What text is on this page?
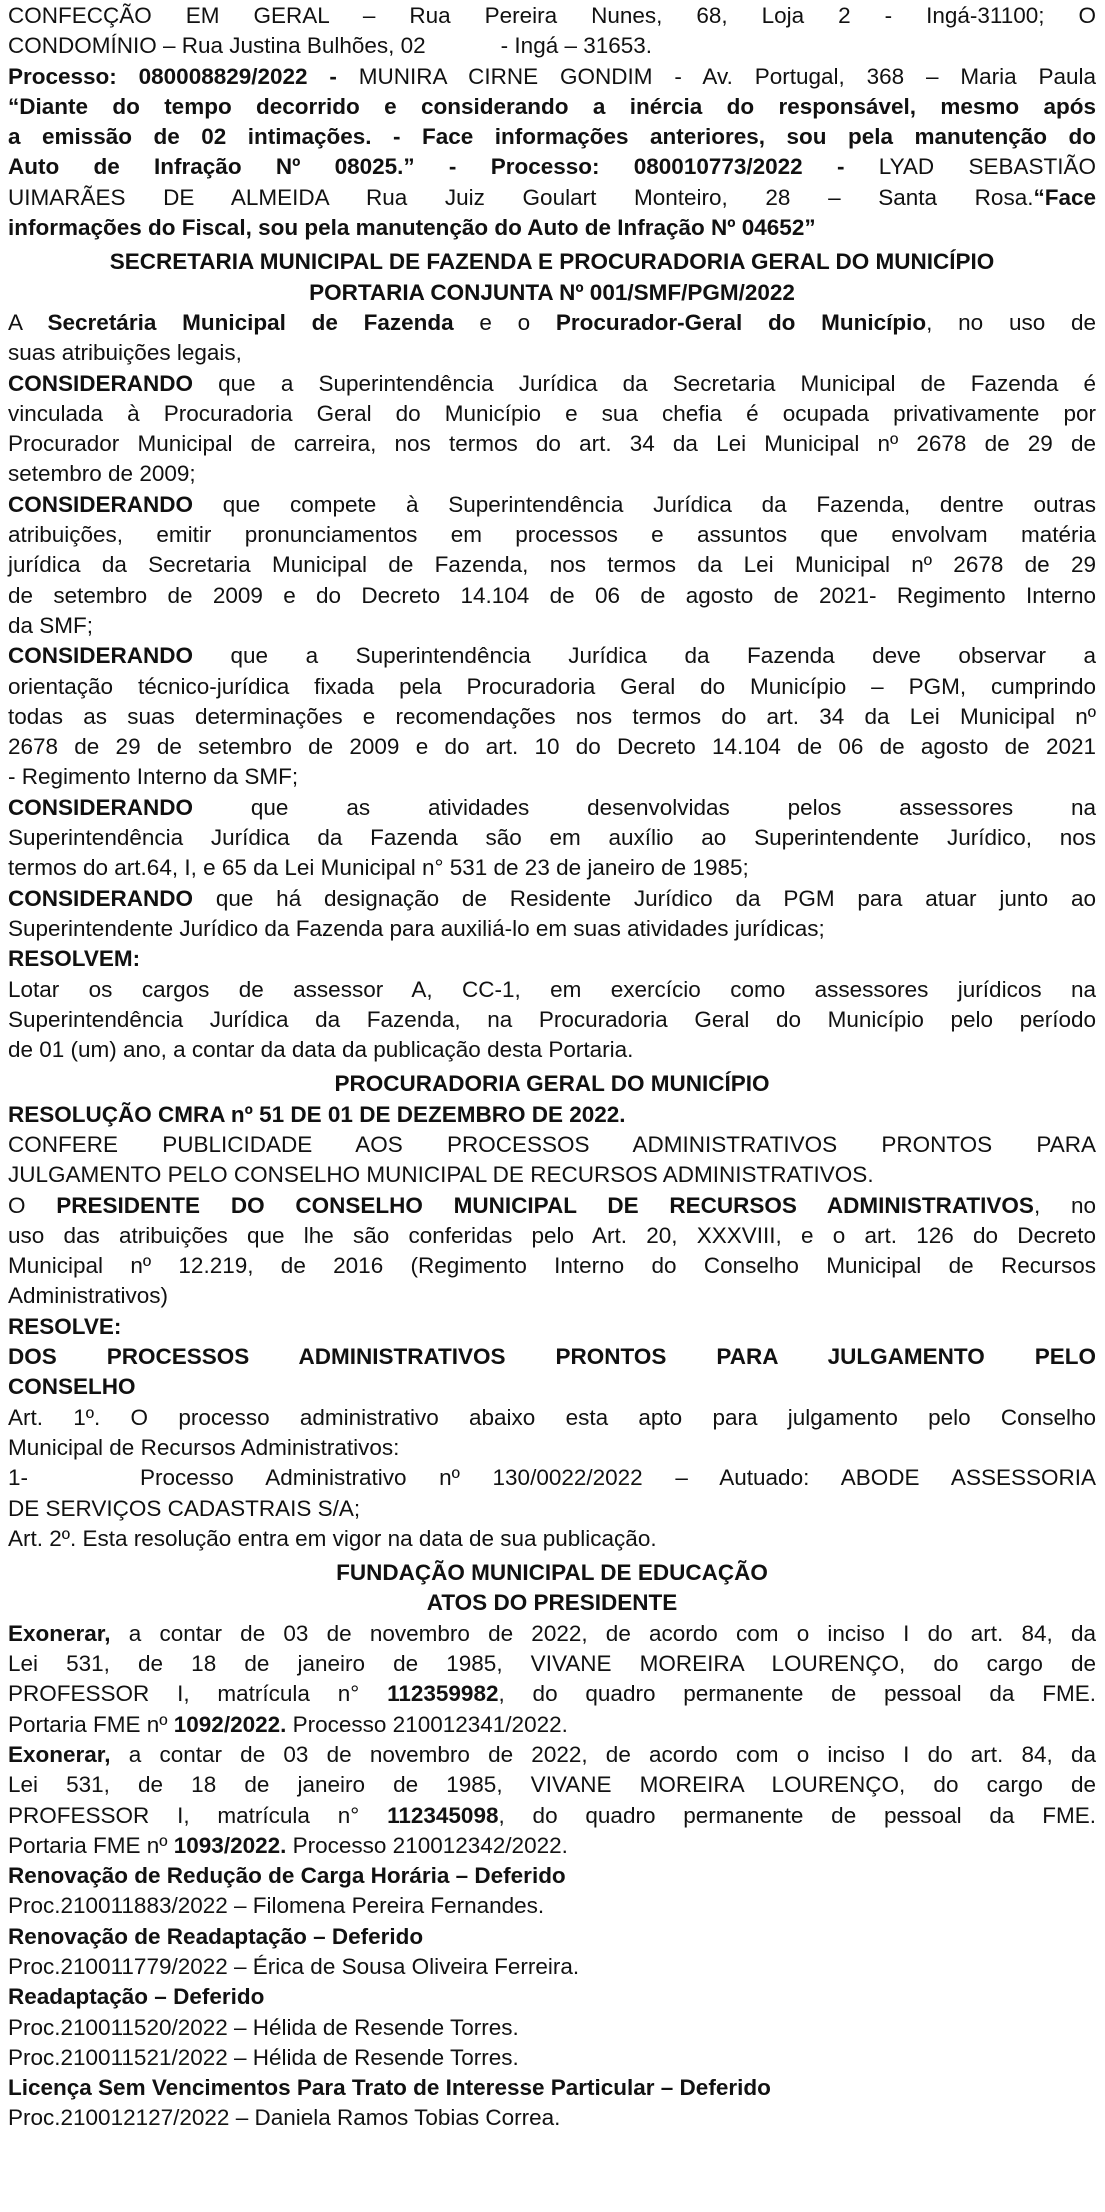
CONFECÇÃO EM GERAL – Rua Pereira Nunes, 68, Loja 2 - Ingá-31100; O
CONDOMÍNIO – Rua Justina Bulhões, 02            - Ingá – 31653.
Processo: 080008829/2022 - MUNIRA CIRNE GONDIM - Av. Portugal, 368 – Maria Paula
“Diante do tempo decorrido e considerando a inércia do responsável, mesmo após
a emissão de 02 intimações. - Face informações anteriores, sou pela manutenção do
Auto de Infração Nº 08025.” - Processo: 080010773/2022 - LYAD SEBASTIÃO
UIMARÃES DE ALMEIDA Rua Juiz Goulart Monteiro, 28 – Santa Rosa.“Face
informações do Fiscal, sou pela manutenção do Auto de Infração Nº 04652”
SECRETARIA MUNICIPAL DE FAZENDA E PROCURADORIA GERAL DO MUNICÍPIO
PORTARIA CONJUNTA Nº 001/SMF/PGM/2022
A Secretária Municipal de Fazenda e o Procurador-Geral do Município, no uso de
suas atribuições legais,
CONSIDERANDO que a Superintendência Jurídica da Secretaria Municipal de Fazenda é
vinculada à Procuradoria Geral do Município e sua chefia é ocupada privativamente por
Procurador Municipal de carreira, nos termos do art. 34 da Lei Municipal nº 2678 de 29 de
setembro de 2009;
CONSIDERANDO que compete à Superintendência Jurídica da Fazenda, dentre outras
atribuições, emitir pronunciamentos em processos e assuntos que envolvam matéria
jurídica da Secretaria Municipal de Fazenda, nos termos da Lei Municipal nº 2678 de 29
de setembro de 2009 e do Decreto 14.104 de 06 de agosto de 2021- Regimento Interno
da SMF;
CONSIDERANDO que a Superintendência Jurídica da Fazenda deve observar a
orientação técnico-jurídica fixada pela Procuradoria Geral do Município – PGM, cumprindo
todas as suas determinações e recomendações nos termos do art. 34 da Lei Municipal nº
2678 de 29 de setembro de 2009 e do art. 10 do Decreto 14.104 de 06 de agosto de 2021
- Regimento Interno da SMF;
CONSIDERANDO que as atividades desenvolvidas pelos assessores na
Superintendência Jurídica da Fazenda são em auxílio ao Superintendente Jurídico, nos
termos do art.64, I, e 65 da Lei Municipal n° 531 de 23 de janeiro de 1985;
CONSIDERANDO que há designação de Residente Jurídico da PGM para atuar junto ao
Superintendente Jurídico da Fazenda para auxiliá-lo em suas atividades jurídicas;
RESOLVEM:
Lotar os cargos de assessor A, CC-1, em exercício como assessores jurídicos na
Superintendência Jurídica da Fazenda, na Procuradoria Geral do Município pelo período
de 01 (um) ano, a contar da data da publicação desta Portaria.
PROCURADORIA GERAL DO MUNICÍPIO
RESOLUÇÃO CMRA nº 51 DE 01 DE DEZEMBRO DE 2022.
CONFERE PUBLICIDADE AOS PROCESSOS ADMINISTRATIVOS PRONTOS PARA
JULGAMENTO PELO CONSELHO MUNICIPAL DE RECURSOS ADMINISTRATIVOS.
O PRESIDENTE DO CONSELHO MUNICIPAL DE RECURSOS ADMINISTRATIVOS, no
uso das atribuições que lhe são conferidas pelo Art. 20, XXXVIII, e o art. 126 do Decreto
Municipal nº 12.219, de 2016 (Regimento Interno do Conselho Municipal de Recursos
Administrativos)
RESOLVE:
DOS PROCESSOS ADMINISTRATIVOS PRONTOS PARA JULGAMENTO PELO
CONSELHO
Art. 1º. O processo administrativo abaixo esta apto para julgamento pelo Conselho
Municipal de Recursos Administrativos:
1-	Processo Administrativo nº 130/0022/2022 – Autuado: ABODE ASSESSORIA
DE SERVIÇOS CADASTRAIS S/A;
Art. 2º. Esta resolução entra em vigor na data de sua publicação.
FUNDAÇÃO MUNICIPAL DE EDUCAÇÃO
ATOS DO PRESIDENTE
Exonerar, a contar de 03 de novembro de 2022, de acordo com o inciso I do art. 84, da
Lei 531, de 18 de janeiro de 1985, VIVANE MOREIRA LOURENÇO, do cargo de
PROFESSOR I, matrícula n° 112359982, do quadro permanente de pessoal da FME.
Portaria FME nº 1092/2022. Processo 210012341/2022.
Exonerar, a contar de 03 de novembro de 2022, de acordo com o inciso I do art. 84, da
Lei 531, de 18 de janeiro de 1985, VIVANE MOREIRA LOURENÇO, do cargo de
PROFESSOR I, matrícula n° 112345098, do quadro permanente de pessoal da FME.
Portaria FME nº 1093/2022. Processo 210012342/2022.
Renovação de Redução de Carga Horária – Deferido
Proc.210011883/2022 – Filomena Pereira Fernandes.
Renovação de Readaptação – Deferido
Proc.210011779/2022 – Érica de Sousa Oliveira Ferreira.
Readaptação – Deferido
Proc.210011520/2022 – Hélida de Resende Torres.
Proc.210011521/2022 – Hélida de Resende Torres.
Licença Sem Vencimentos Para Trato de Interesse Particular – Deferido
Proc.210012127/2022 – Daniela Ramos Tobias Correa.
